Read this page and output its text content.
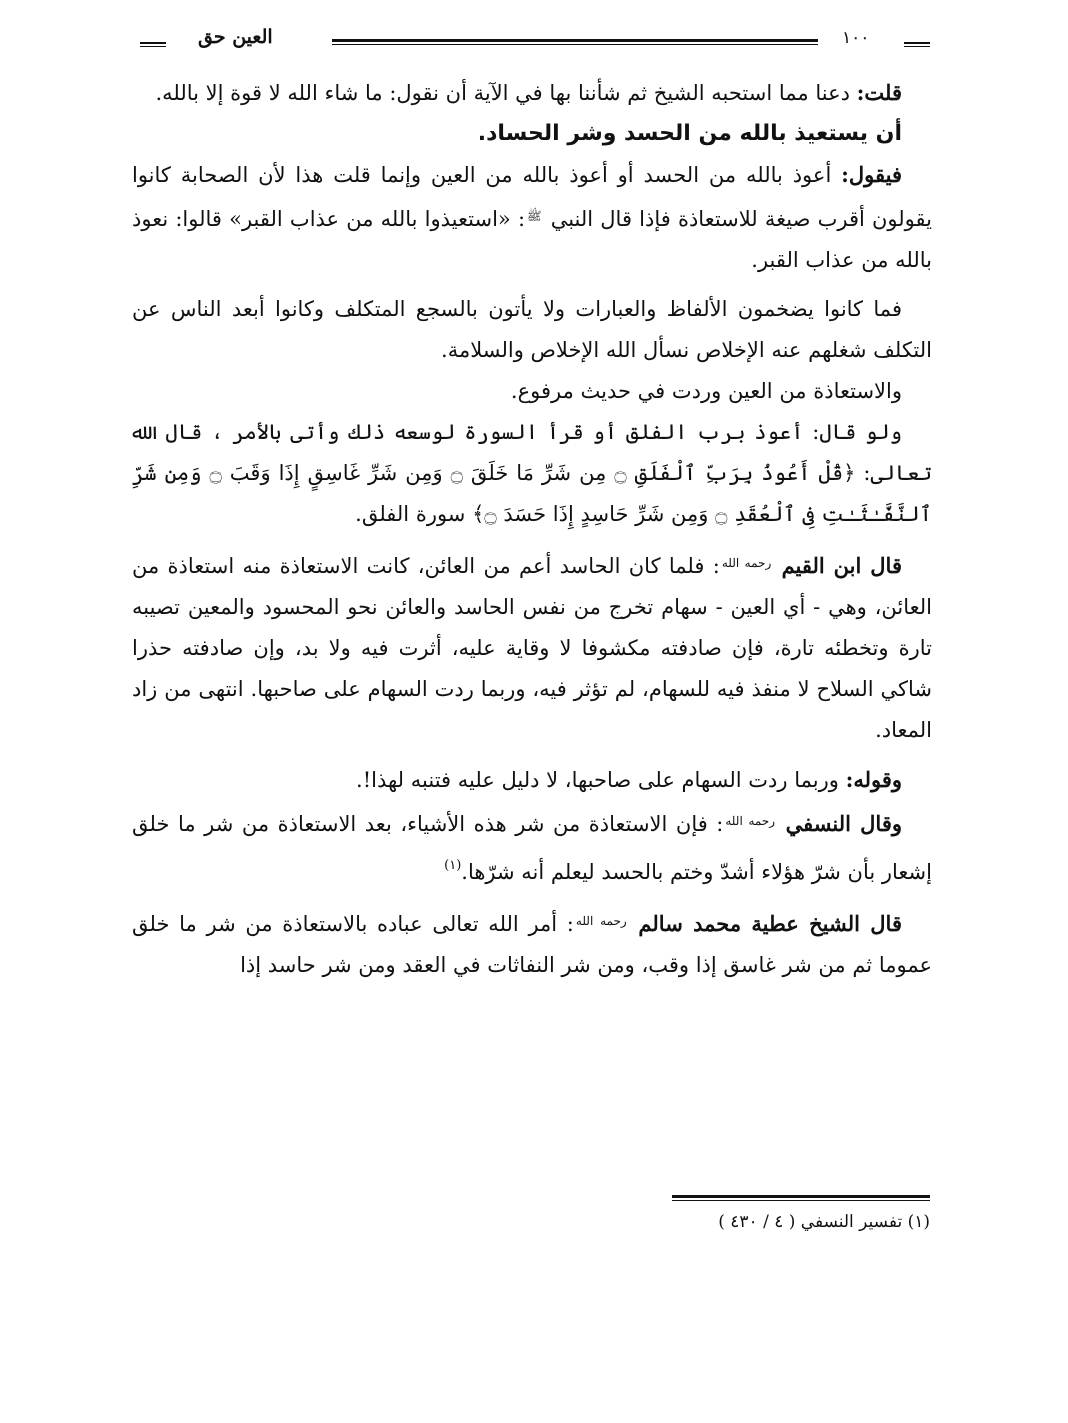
العين حق	١٠٠

قلت: دعنا مما استحبه الشيخ ثم شأننا بها في الآية أن نقول: ما شاء الله لا قوة إلا بالله.

أن يستعيذ بالله من الحسد وشر الحساد.

فيقول: أعوذ بالله من الحسد أو أعوذ بالله من العين وإنما قلت هذا لأن الصحابة كانوا يقولون أقرب صيغة للاستعاذة فإذا قال النبي $^ﷺ$: «استعيذوا بالله من عذاب القبر» قالوا: نعوذ بالله من عذاب القبر.

فما كانوا يضخمون الألفاظ والعبارات ولا يأتون بالسجع المتكلف وكانوا أبعد الناس عن التكلف شغلهم عنه الإخلاص نسأل الله الإخلاص والسلامة.

والاستعاذة من العين وردت في حديث مرفوع.

ولو قال: أعوذ برب الفلق أو قرأ السورة لوسعه ذلك وأتى بالأمر ، قال الله تعالى: ﴿قُلْ أَعُوذُ بِرَبِّ ٱلْفَلَقِ ۝ مِن شَرِّ مَا خَلَقَ ۝ وَمِن شَرِّ غَاسِقٍ إِذَا وَقَبَ ۝ وَمِن شَرِّ ٱلنَّفَّـٰثَـٰتِ فِى ٱلْعُقَدِ ۝ وَمِن شَرِّ حَاسِدٍ إِذَا حَسَدَ ۝﴾ سورة الفلق.

قال ابن القيم $^{رحمه الله}$: فلما كان الحاسد أعم من العائن، كانت الاستعاذة منه استعاذة من العائن، وهي - أي العين - سهام تخرج من نفس الحاسد والعائن نحو المحسود والمعين تصيبه تارة وتخطئه تارة، فإن صادفته مكشوفا لا وقاية عليه، أثرت فيه ولا بد، وإن صادفته حذرا شاكي السلاح لا منفذ فيه للسهام، لم تؤثر فيه، وربما ردت السهام على صاحبها. انتهى من زاد المعاد.

وقوله: وربما ردت السهام على صاحبها، لا دليل عليه فتنبه لهذا!.

وقال النسفي $^{رحمه الله}$: فإن الاستعاذة من شر هذه الأشياء، بعد الاستعاذة من شر ما خلق إشعار بأن شرّ هؤلاء أشدّ وختم بالحسد ليعلم أنه شرّها.$^{(١)}$

قال الشيخ عطية محمد سالم $^{رحمه الله}$: أمر الله تعالى عباده بالاستعاذة من شر ما خلق عموما ثم من شر غاسق إذا وقب، ومن شر النفاثات في العقد ومن شر حاسد إذا

(١) تفسير النسفي ( ٤ / ٤٣٠ )
